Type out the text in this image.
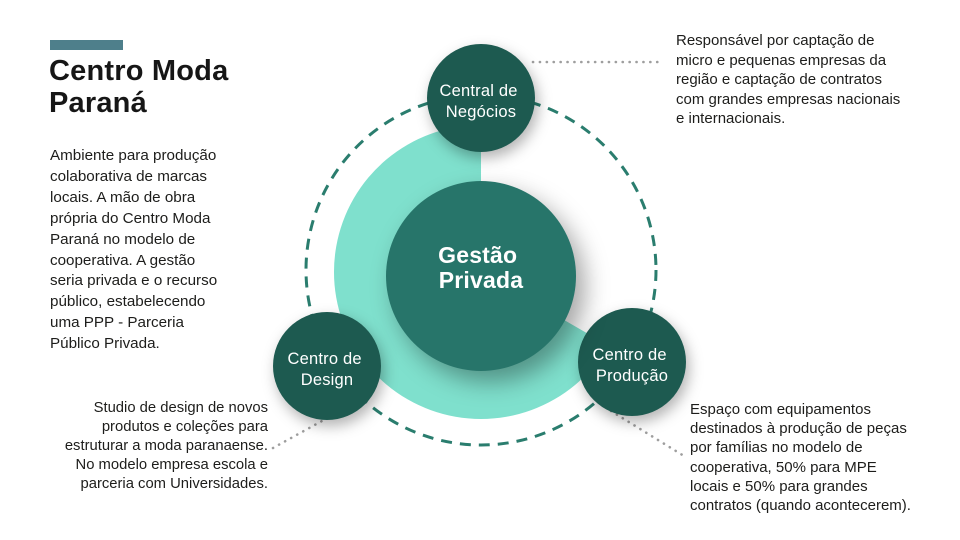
Centro Moda
Paraná
Ambiente para produção
colaborativa de marcas
locais. A mão de obra
própria do Centro Moda
Paraná no modelo de
cooperativa. A gestão
seria privada e o recurso
público, estabelecendo
uma PPP - Parceria
Público Privada.
Central de Negócios
Centro de Design
Centro de Produção
Gestão Privada
Responsável por captação de
micro e pequenas empresas da
região e captação de contratos
com grandes empresas nacionais
e internacionais.
Studio de design de novos
produtos e coleções para
estruturar a moda paranaense.
No modelo empresa escola e
parceria com Universidades.
Espaço com equipamentos
destinados à produção de peças
por famílias no modelo de
cooperativa, 50% para MPE
locais e 50% para grandes
contratos (quando acontecerem).
